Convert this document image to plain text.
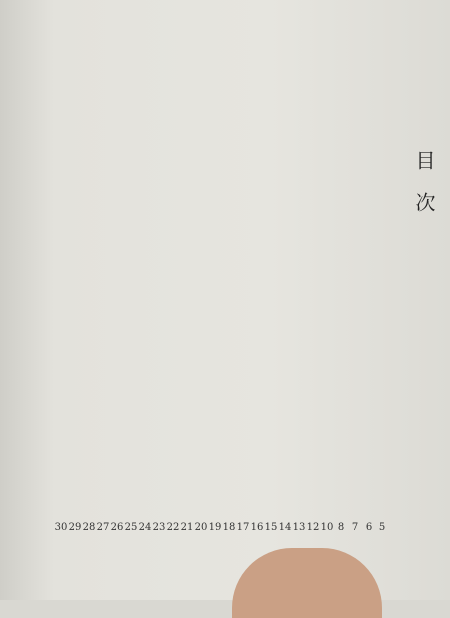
目次
5
6
7
8
10
12
13
14
15
16
17
18
19
20
21
22
23
24
25
26
27
28
29
30
